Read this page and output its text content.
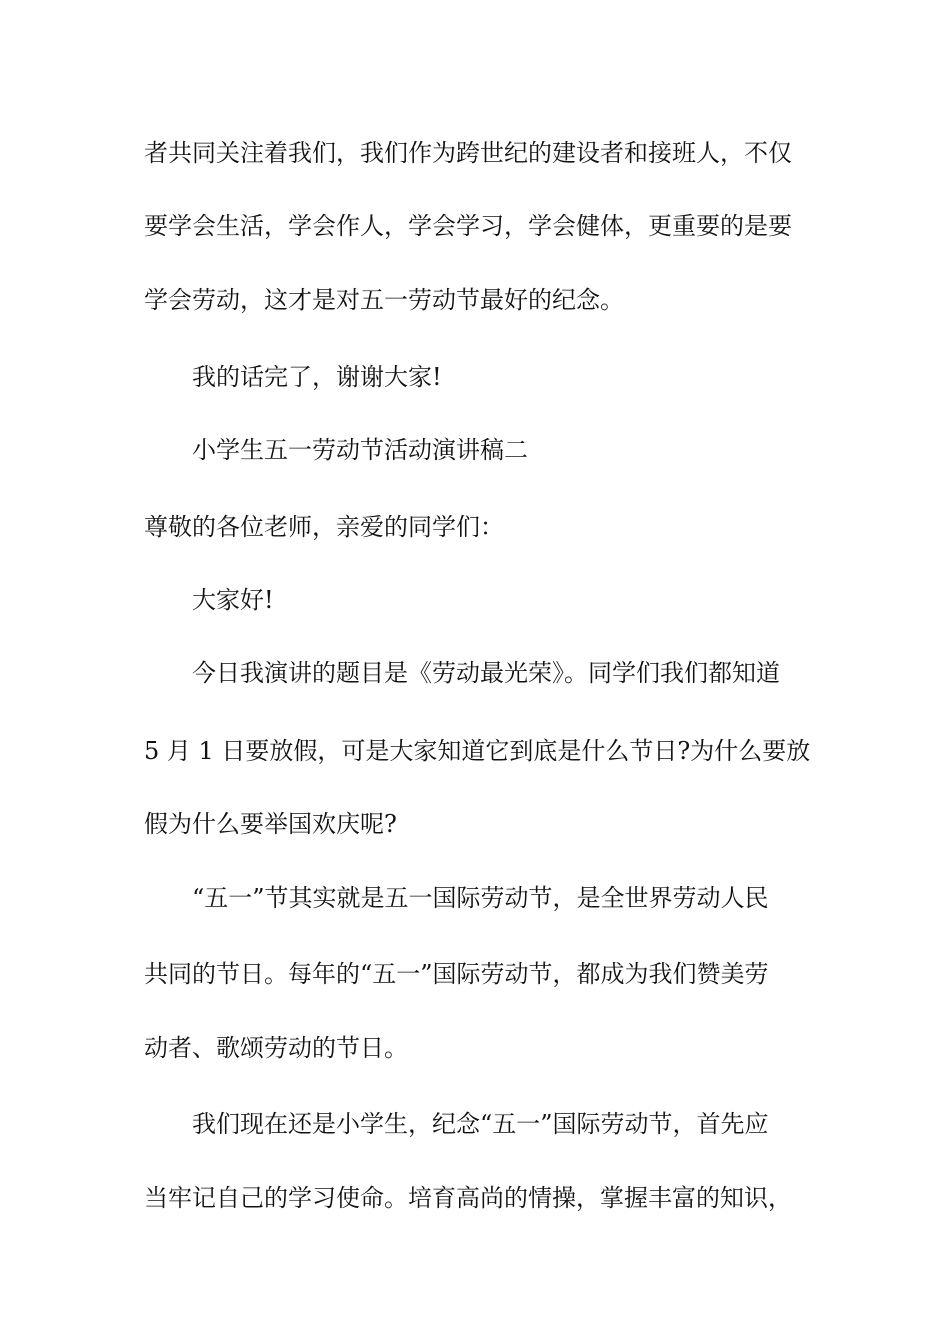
者共同关注着我们，我们作为跨世纪的建设者和接班人，不仅
要学会生活，学会作人，学会学习，学会健体，更重要的是要
学会劳动，这才是对五一劳动节最好的纪念。
我的话完了，谢谢大家!
小学生五一劳动节活动演讲稿二
尊敬的各位老师，亲爱的同学们：
大家好!
今日我演讲的题目是《劳动最光荣》。同学们我们都知道
5 月 1 日要放假，可是大家知道它到底是什么节日?为什么要放
假为什么要举国欢庆呢?
“五一”节其实就是五一国际劳动节，是全世界劳动人民
共同的节日。每年的“五一”国际劳动节，都成为我们赞美劳
动者、歌颂劳动的节日。
我们现在还是小学生，纪念“五一”国际劳动节，首先应
当牢记自己的学习使命。培育高尚的情操，掌握丰富的知识，
